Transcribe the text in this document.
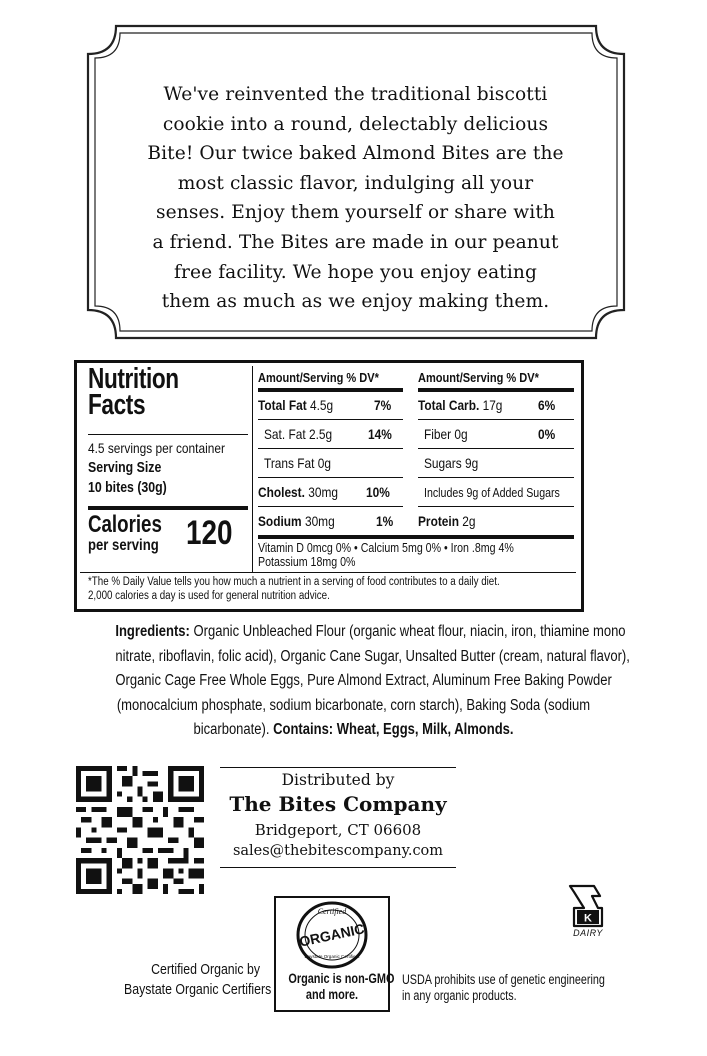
We've reinvented the traditional biscotti
cookie into a round, delectably delicious
Bite! Our twice baked Almond Bites are the
most classic flavor, indulging all your
senses. Enjoy them yourself or share with
a friend. The Bites are made in our peanut
free facility. We hope you enjoy eating
them as much as we enjoy making them.
Nutrition
Facts
4.5 servings per container
Serving Size
10 bites (30g)
Calories
per serving 120
Amount/Serving % DV*	Amount/Serving % DV*
Total Fat 4.5g	7%
Sat. Fat 2.5g	14%
Trans Fat 0g
Cholest. 30mg 10%
Sodium 30mg	1%
Total Carb. 17g	6%
Fiber 0g	0%
Sugars 9g
Includes 9g of Added Sugars
Protein 2g
Vitamin D 0mcg 0% • Calcium 5mg 0% • Iron .8mg 4%
Potassium 18mg 0%
*The % Daily Value tells you how much a nutrient in a serving of food contributes to a daily diet.
2,000 calories a day is used for general nutrition advice.
Ingredients: Organic Unbleached Flour (organic wheat flour, niacin, iron, thiamine mono
nitrate, riboflavin, folic acid), Organic Cane Sugar, Unsalted Butter (cream, natural flavor),
Organic Cage Free Whole Eggs, Pure Almond Extract, Aluminum Free Baking Powder
(monocalcium phosphate, sodium bicarbonate, corn starch), Baking Soda (sodium
bicarbonate). Contains: Wheat, Eggs, Milk, Almonds.
Distributed by
The Bites Company
Bridgeport, CT 06608
sales@thebitescompany.com
K
DAIRY
Certified Organic by
Baystate Organic Certifiers
Certified
ORGANIC
Baystate Organic Certifiers
Organic is non-GMO
and more.
USDA prohibits use of genetic engineering
in any organic products.
